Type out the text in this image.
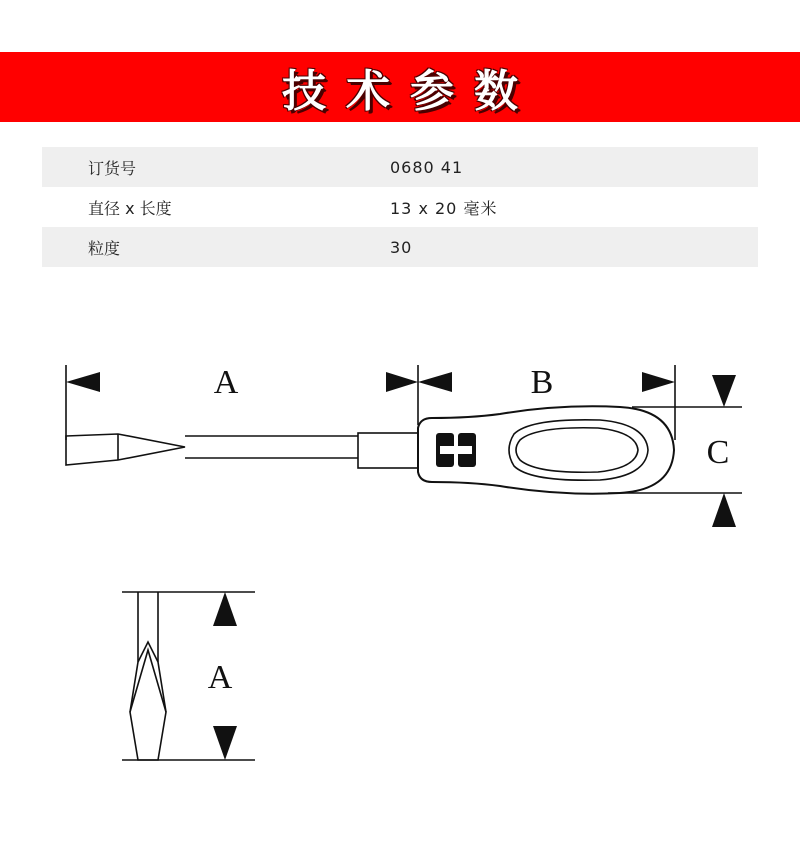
技术参数
订货号	0680 41
直径 x 长度	13 x 20 毫米
粒度	30
A	B
C
A
